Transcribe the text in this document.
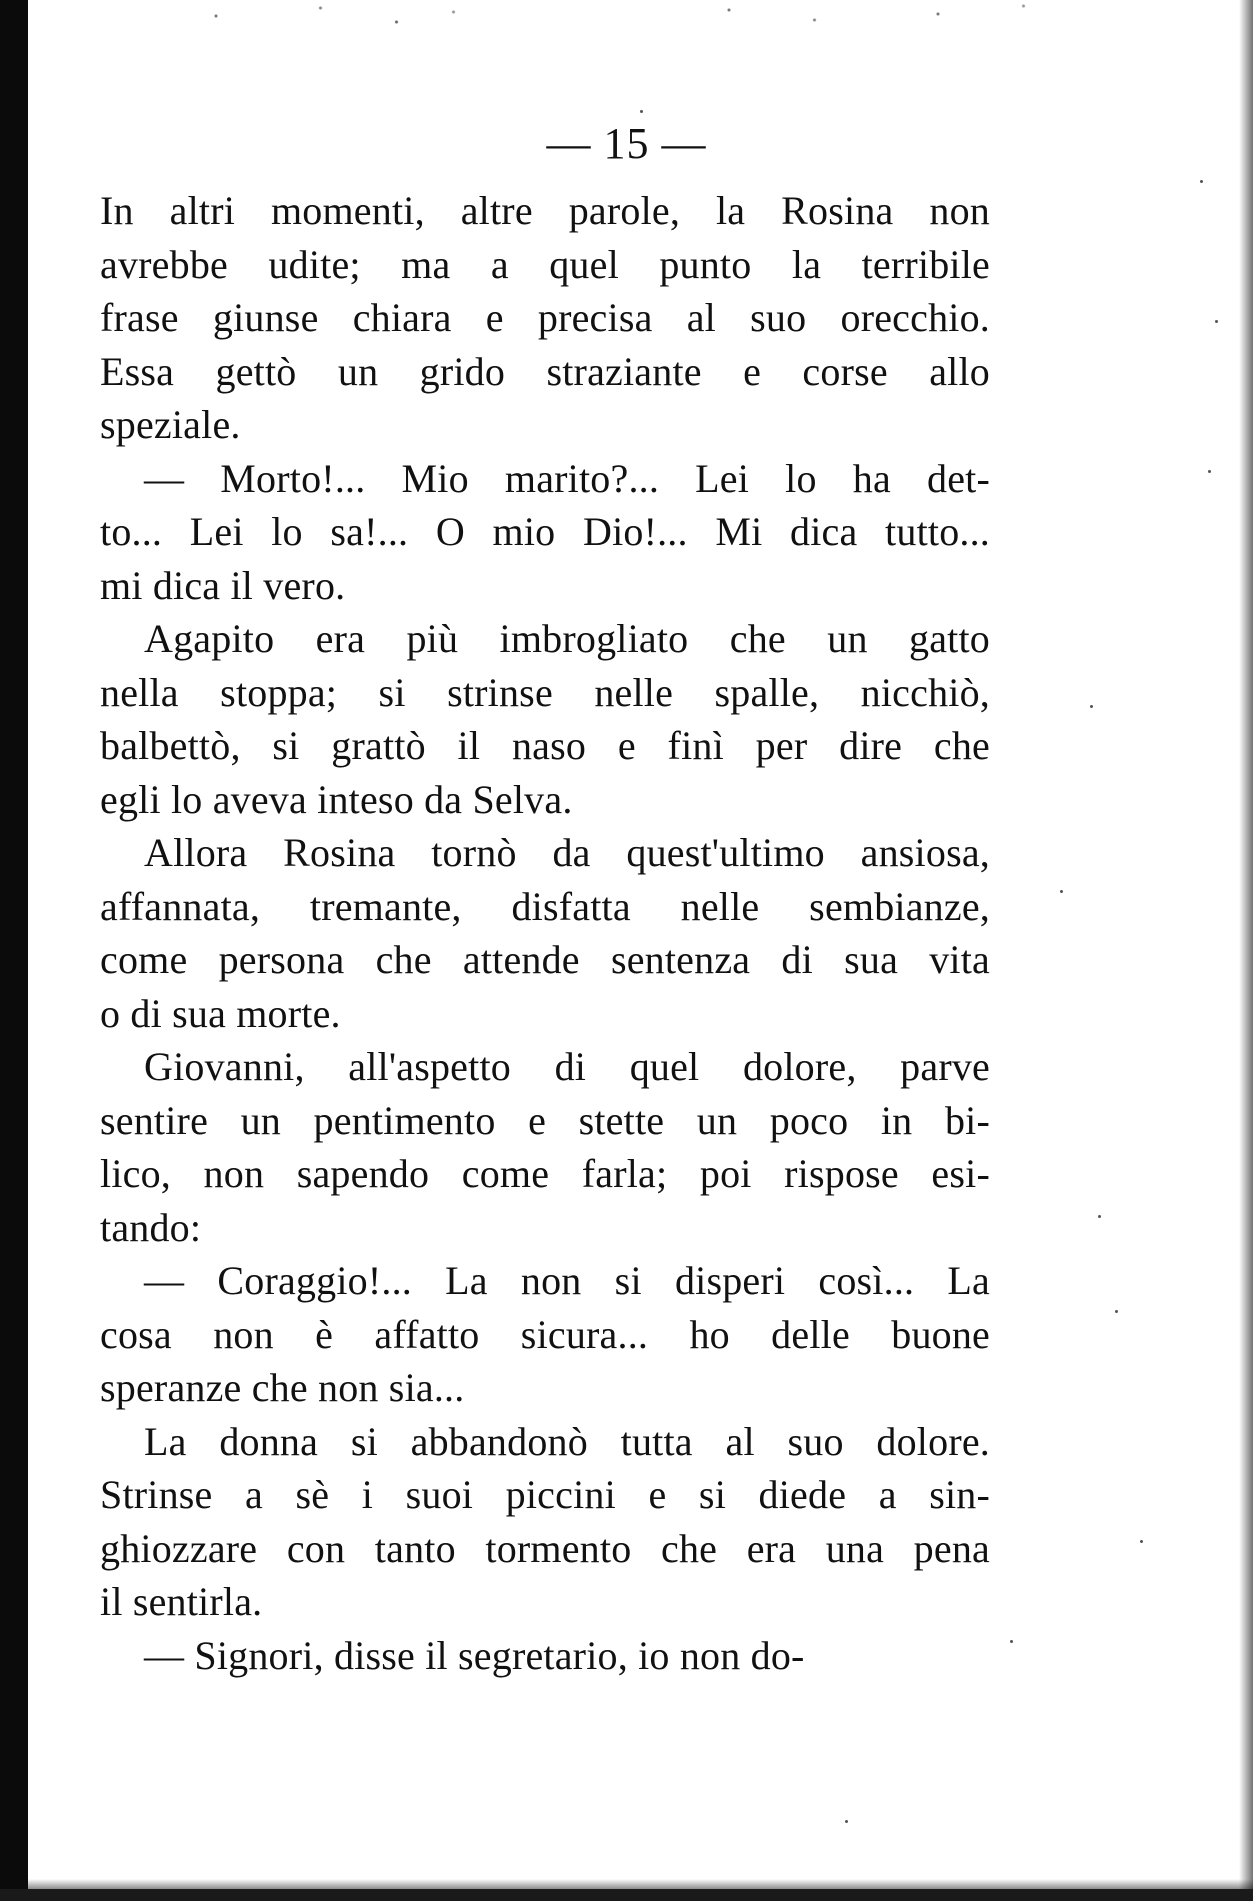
— 15 —
In altri momenti, altre parole, la Rosina non
avrebbe udite; ma a quel punto la terribile
frase giunse chiara e precisa al suo orecchio.
Essa gettò un grido straziante e corse allo
speziale.
— Morto!... Mio marito?... Lei lo ha det-
to... Lei lo sa!... O mio Dio!... Mi dica tutto...
mi dica il vero.
Agapito era più imbrogliato che un gatto
nella stoppa; si strinse nelle spalle, nicchiò,
balbettò, si grattò il naso e finì per dire che
egli lo aveva inteso da Selva.
Allora Rosina tornò da quest'ultimo ansiosa,
affannata, tremante, disfatta nelle sembianze,
come persona che attende sentenza di sua vita
o di sua morte.
Giovanni, all'aspetto di quel dolore, parve
sentire un pentimento e stette un poco in bi-
lico, non sapendo come farla; poi rispose esi-
tando:
— Coraggio!... La non si disperi così... La
cosa non è affatto sicura... ho delle buone
speranze che non sia...
La donna si abbandonò tutta al suo dolore.
Strinse a sè i suoi piccini e si diede a sin-
ghiozzare con tanto tormento che era una pena
il sentirla.
— Signori, disse il segretario, io non do-
